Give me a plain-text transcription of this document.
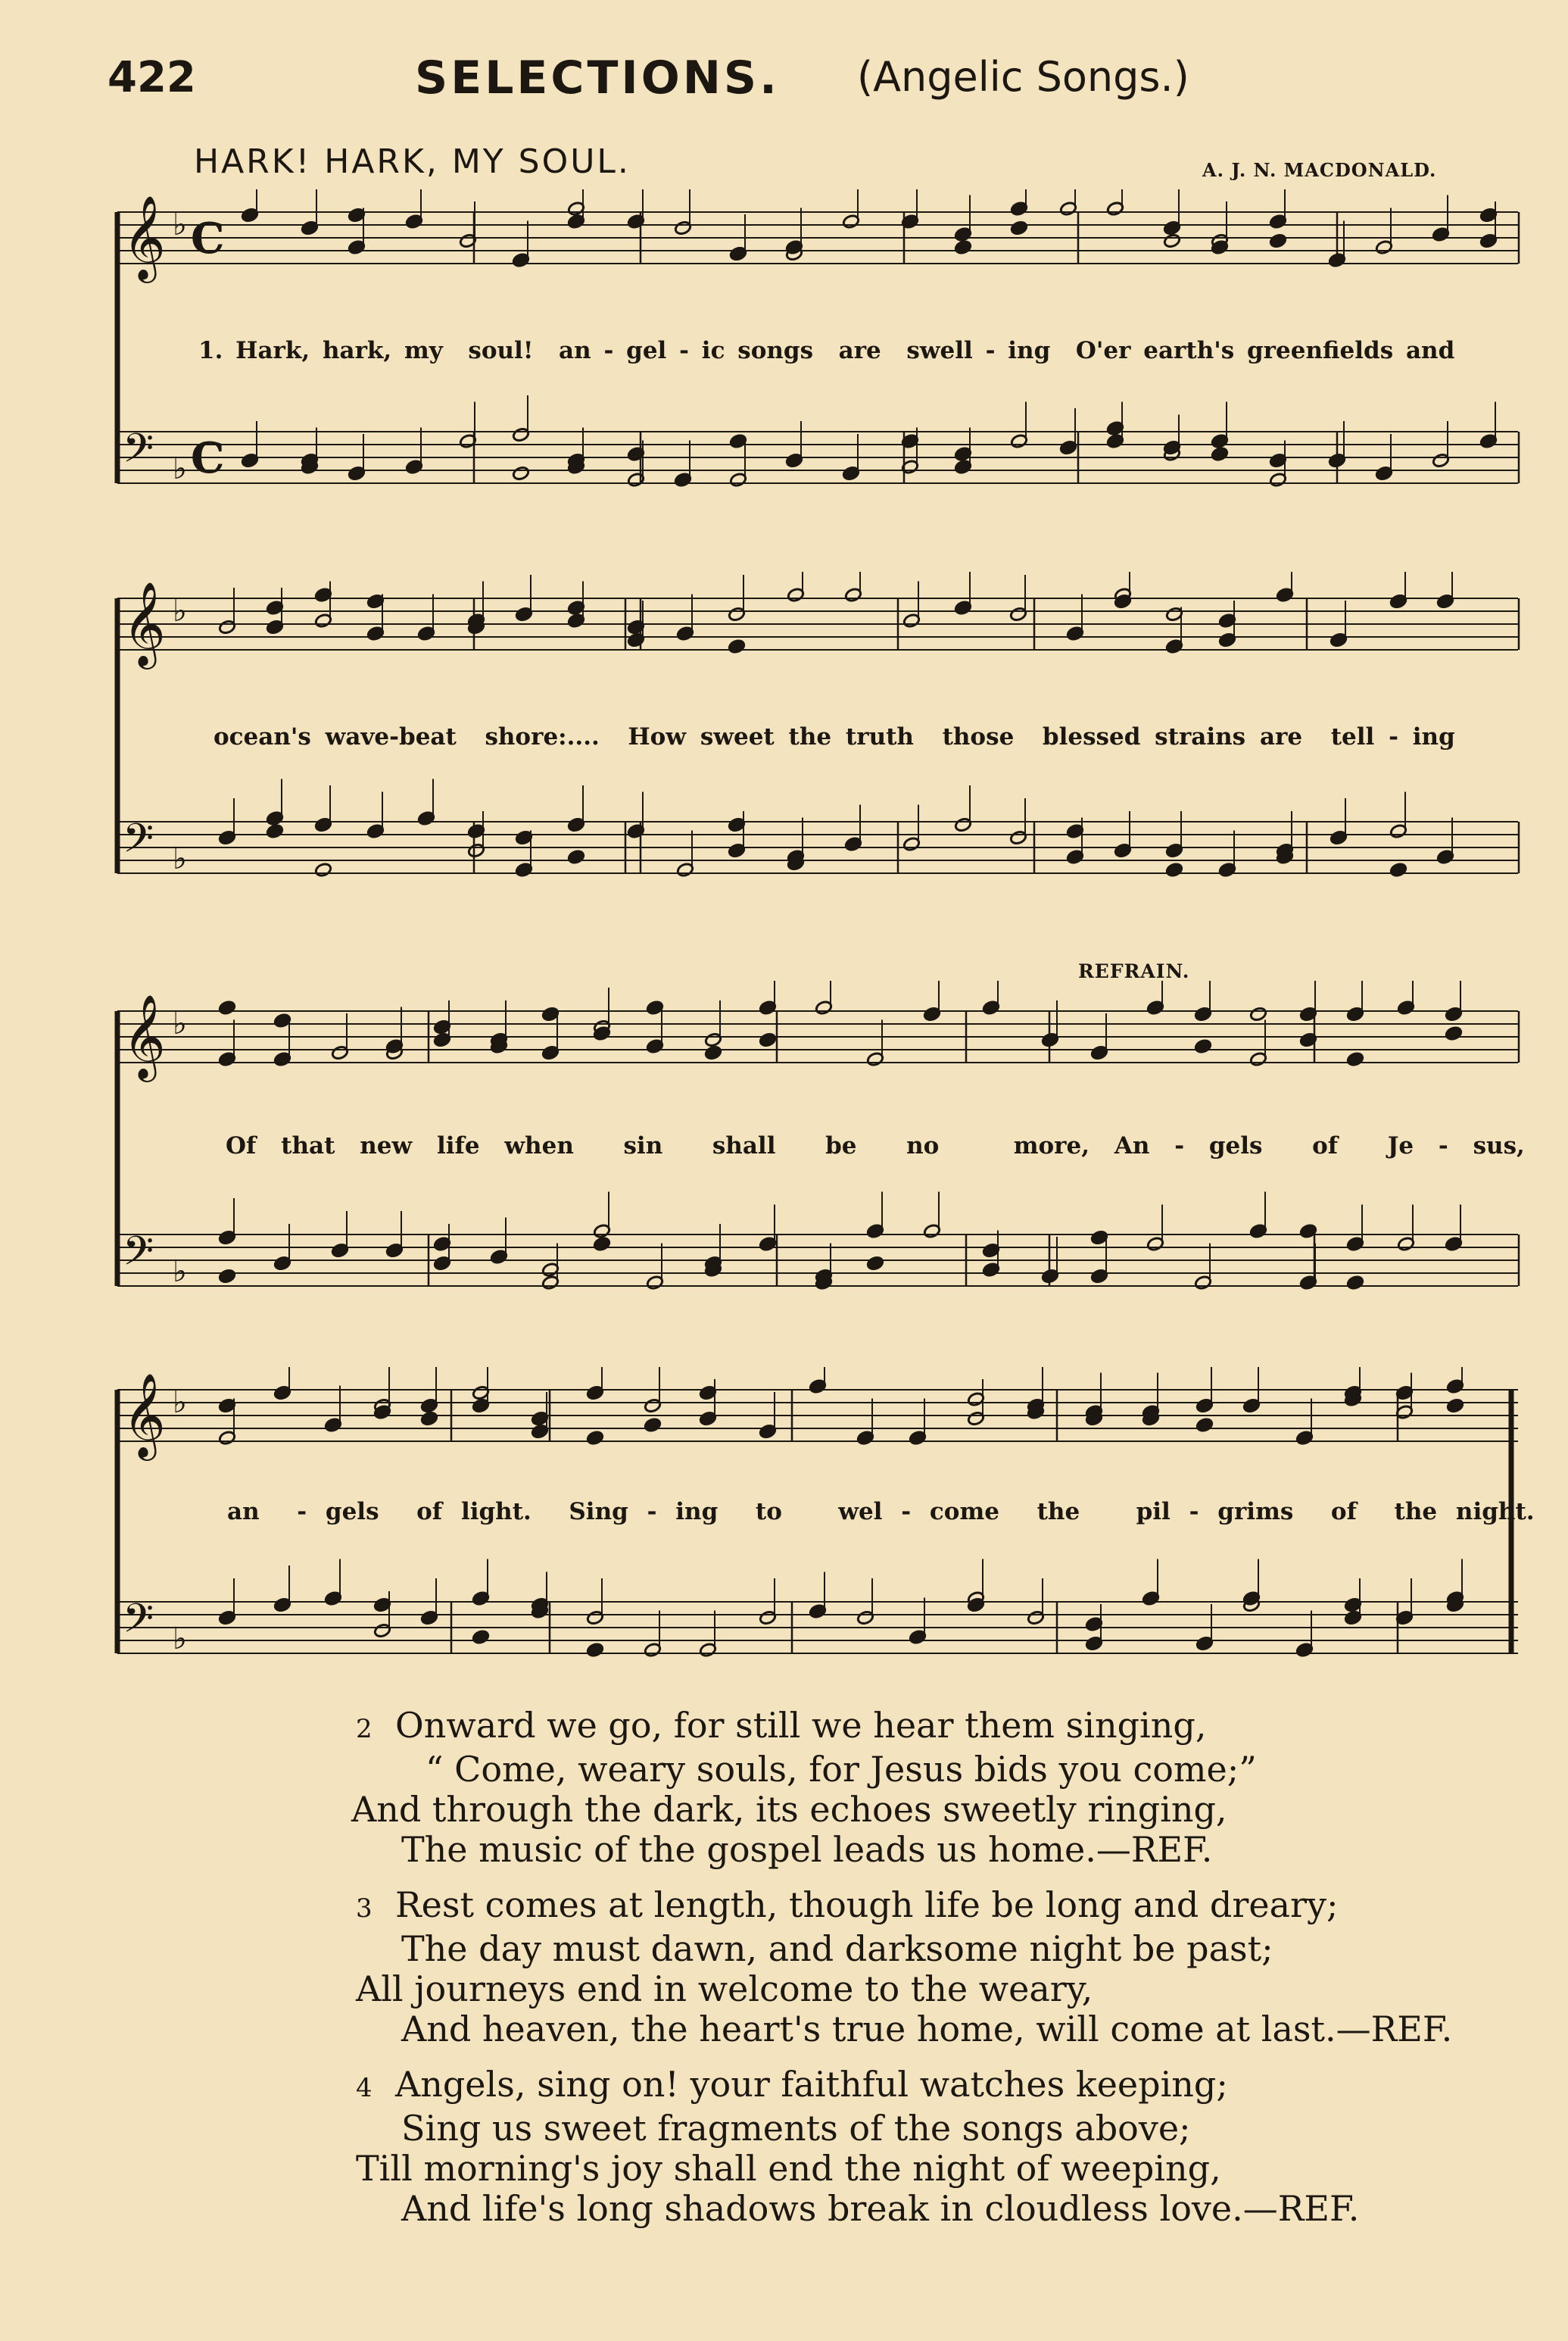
422	SELECTIONS. (Angelic Songs.)
HARK! HARK, MY SOUL.	A. J. N. MACDONALD.
𝄞 ♭ C
𝄢 ♭ C
𝄞 ♭
𝄢 ♭
𝄞 ♭
𝄢 ♭
𝄞 ♭
𝄢 ♭
REFRAIN.
1. Hark, hark, my soul! an - gel - ic songs are swell - ing O'er earth's greenfields and
ocean's wave-beat shore:.... How sweet the truth those blessed strains are tell - ing
Of that new life when sin shall be no	more, An - gels of Je - sus,
an - gels of light. Sing - ing to wel - come the pil - grims of the night.
2 Onward we go, for still we hear them singing,
“ Come, weary souls, for Jesus bids you come;”
And through the dark, its echoes sweetly ringing,
The music of the gospel leads us home.—REF.
3 Rest comes at length, though life be long and dreary;
The day must dawn, and darksome night be past;
All journeys end in welcome to the weary,
And heaven, the heart's true home, will come at last.—REF.
4 Angels, sing on! your faithful watches keeping;
Sing us sweet fragments of the songs above;
Till morning's joy shall end the night of weeping,
And life's long shadows break in cloudless love.—REF.
